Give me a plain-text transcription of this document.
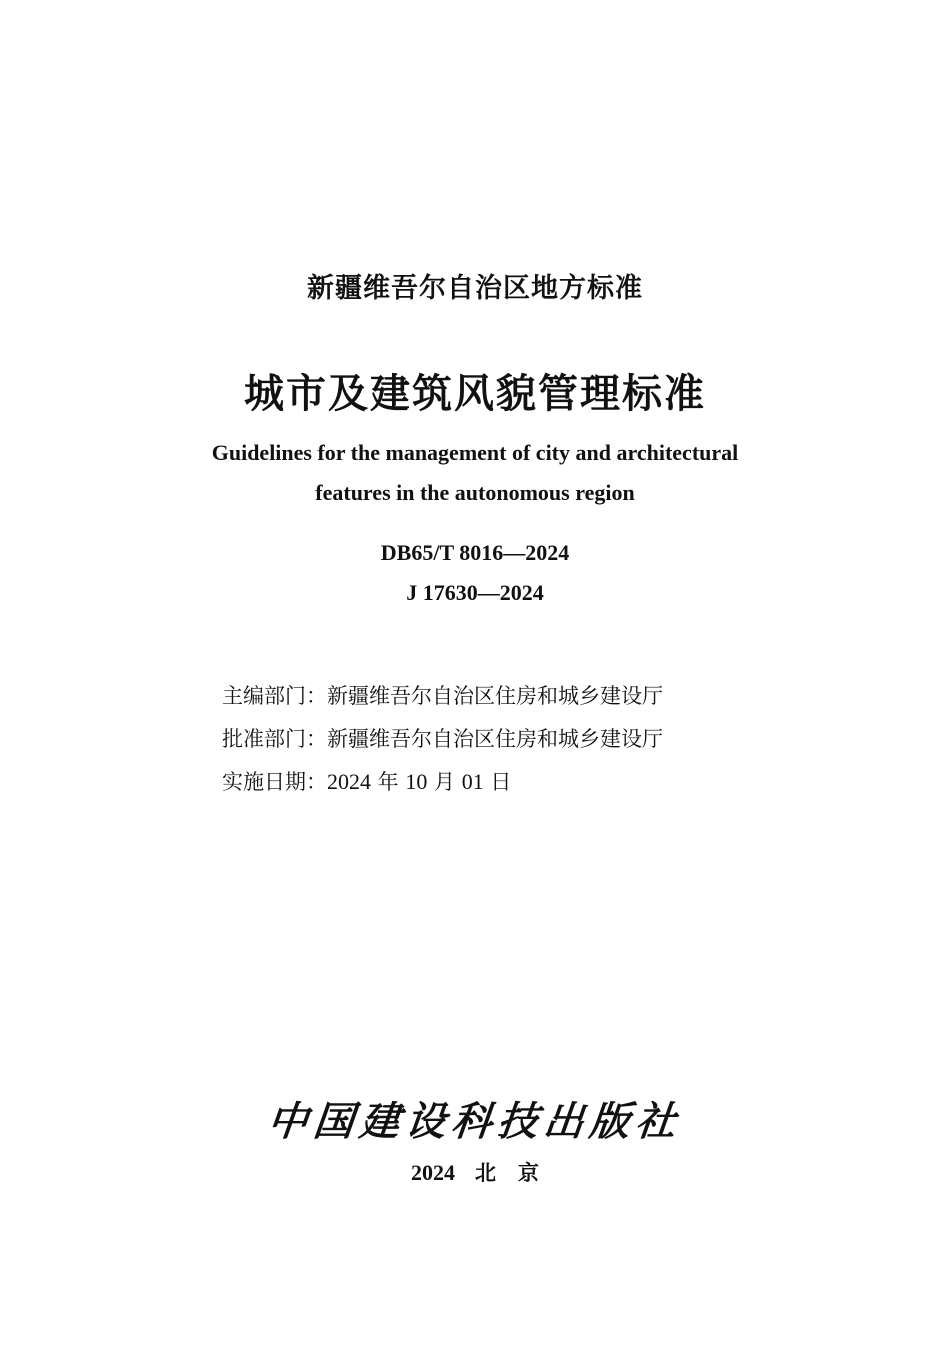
新疆维吾尔自治区地方标准
城市及建筑风貌管理标准
Guidelines for the management of city and architectural
features in the autonomous region
DB65/T 8016—2024
J 17630—2024
主编部门：新疆维吾尔自治区住房和城乡建设厅
批准部门：新疆维吾尔自治区住房和城乡建设厅
实施日期：2024 年 10 月 01 日
中国建设科技出版社
2024 北京
